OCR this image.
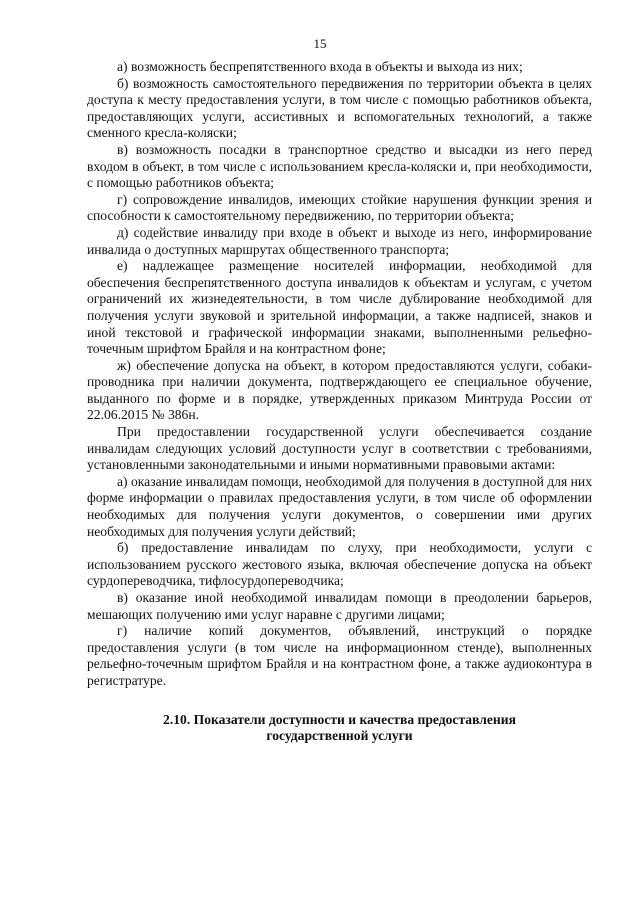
15

а) возможность беспрепятственного входа в объекты и выхода из них;

б) возможность самостоятельного передвижения по территории объекта в целях доступа к месту предоставления услуги, в том числе с помощью работников объекта, предоставляющих услуги, ассистивных и вспомогательных технологий, а также сменного кресла-коляски;

в) возможность посадки в транспортное средство и высадки из него перед входом в объект, в том числе с использованием кресла-коляски и, при необходимости, с помощью работников объекта;

г) сопровождение инвалидов, имеющих стойкие нарушения функции зрения и способности к самостоятельному передвижению, по территории объекта;

д) содействие инвалиду при входе в объект и выходе из него, информирование инвалида о доступных маршрутах общественного транспорта;

е) надлежащее размещение носителей информации, необходимой для обеспечения беспрепятственного доступа инвалидов к объектам и услугам, с учетом ограничений их жизнедеятельности, в том числе дублирование необходимой для получения услуги звуковой и зрительной информации, а также надписей, знаков и иной текстовой и графической информации знаками, выполненными рельефно-точечным шрифтом Брайля и на контрастном фоне;

ж) обеспечение допуска на объект, в котором предоставляются услуги, собаки-проводника при наличии документа, подтверждающего ее специальное обучение, выданного по форме и в порядке, утвержденных приказом Минтруда России от 22.06.2015 № 386н.

При предоставлении государственной услуги обеспечивается создание инвалидам следующих условий доступности услуг в соответствии с требованиями, установленными законодательными и иными нормативными правовыми актами:

а) оказание инвалидам помощи, необходимой для получения в доступной для них форме информации о правилах предоставления услуги, в том числе об оформлении необходимых для получения услуги документов, о совершении ими других необходимых для получения услуги действий;

б) предоставление инвалидам по слуху, при необходимости, услуги с использованием русского жестового языка, включая обеспечение допуска на объект сурдопереводчика, тифлосурдопереводчика;

в) оказание иной необходимой инвалидам помощи в преодолении барьеров, мешающих получению ими услуг наравне с другими лицами;

г) наличие копий документов, объявлений, инструкций о порядке предоставления услуги (в том числе на информационном стенде), выполненных рельефно-точечным шрифтом Брайля и на контрастном фоне, а также аудиоконтура в регистратуре.

2.10. Показатели доступности и качества предоставления
государственной услуги
